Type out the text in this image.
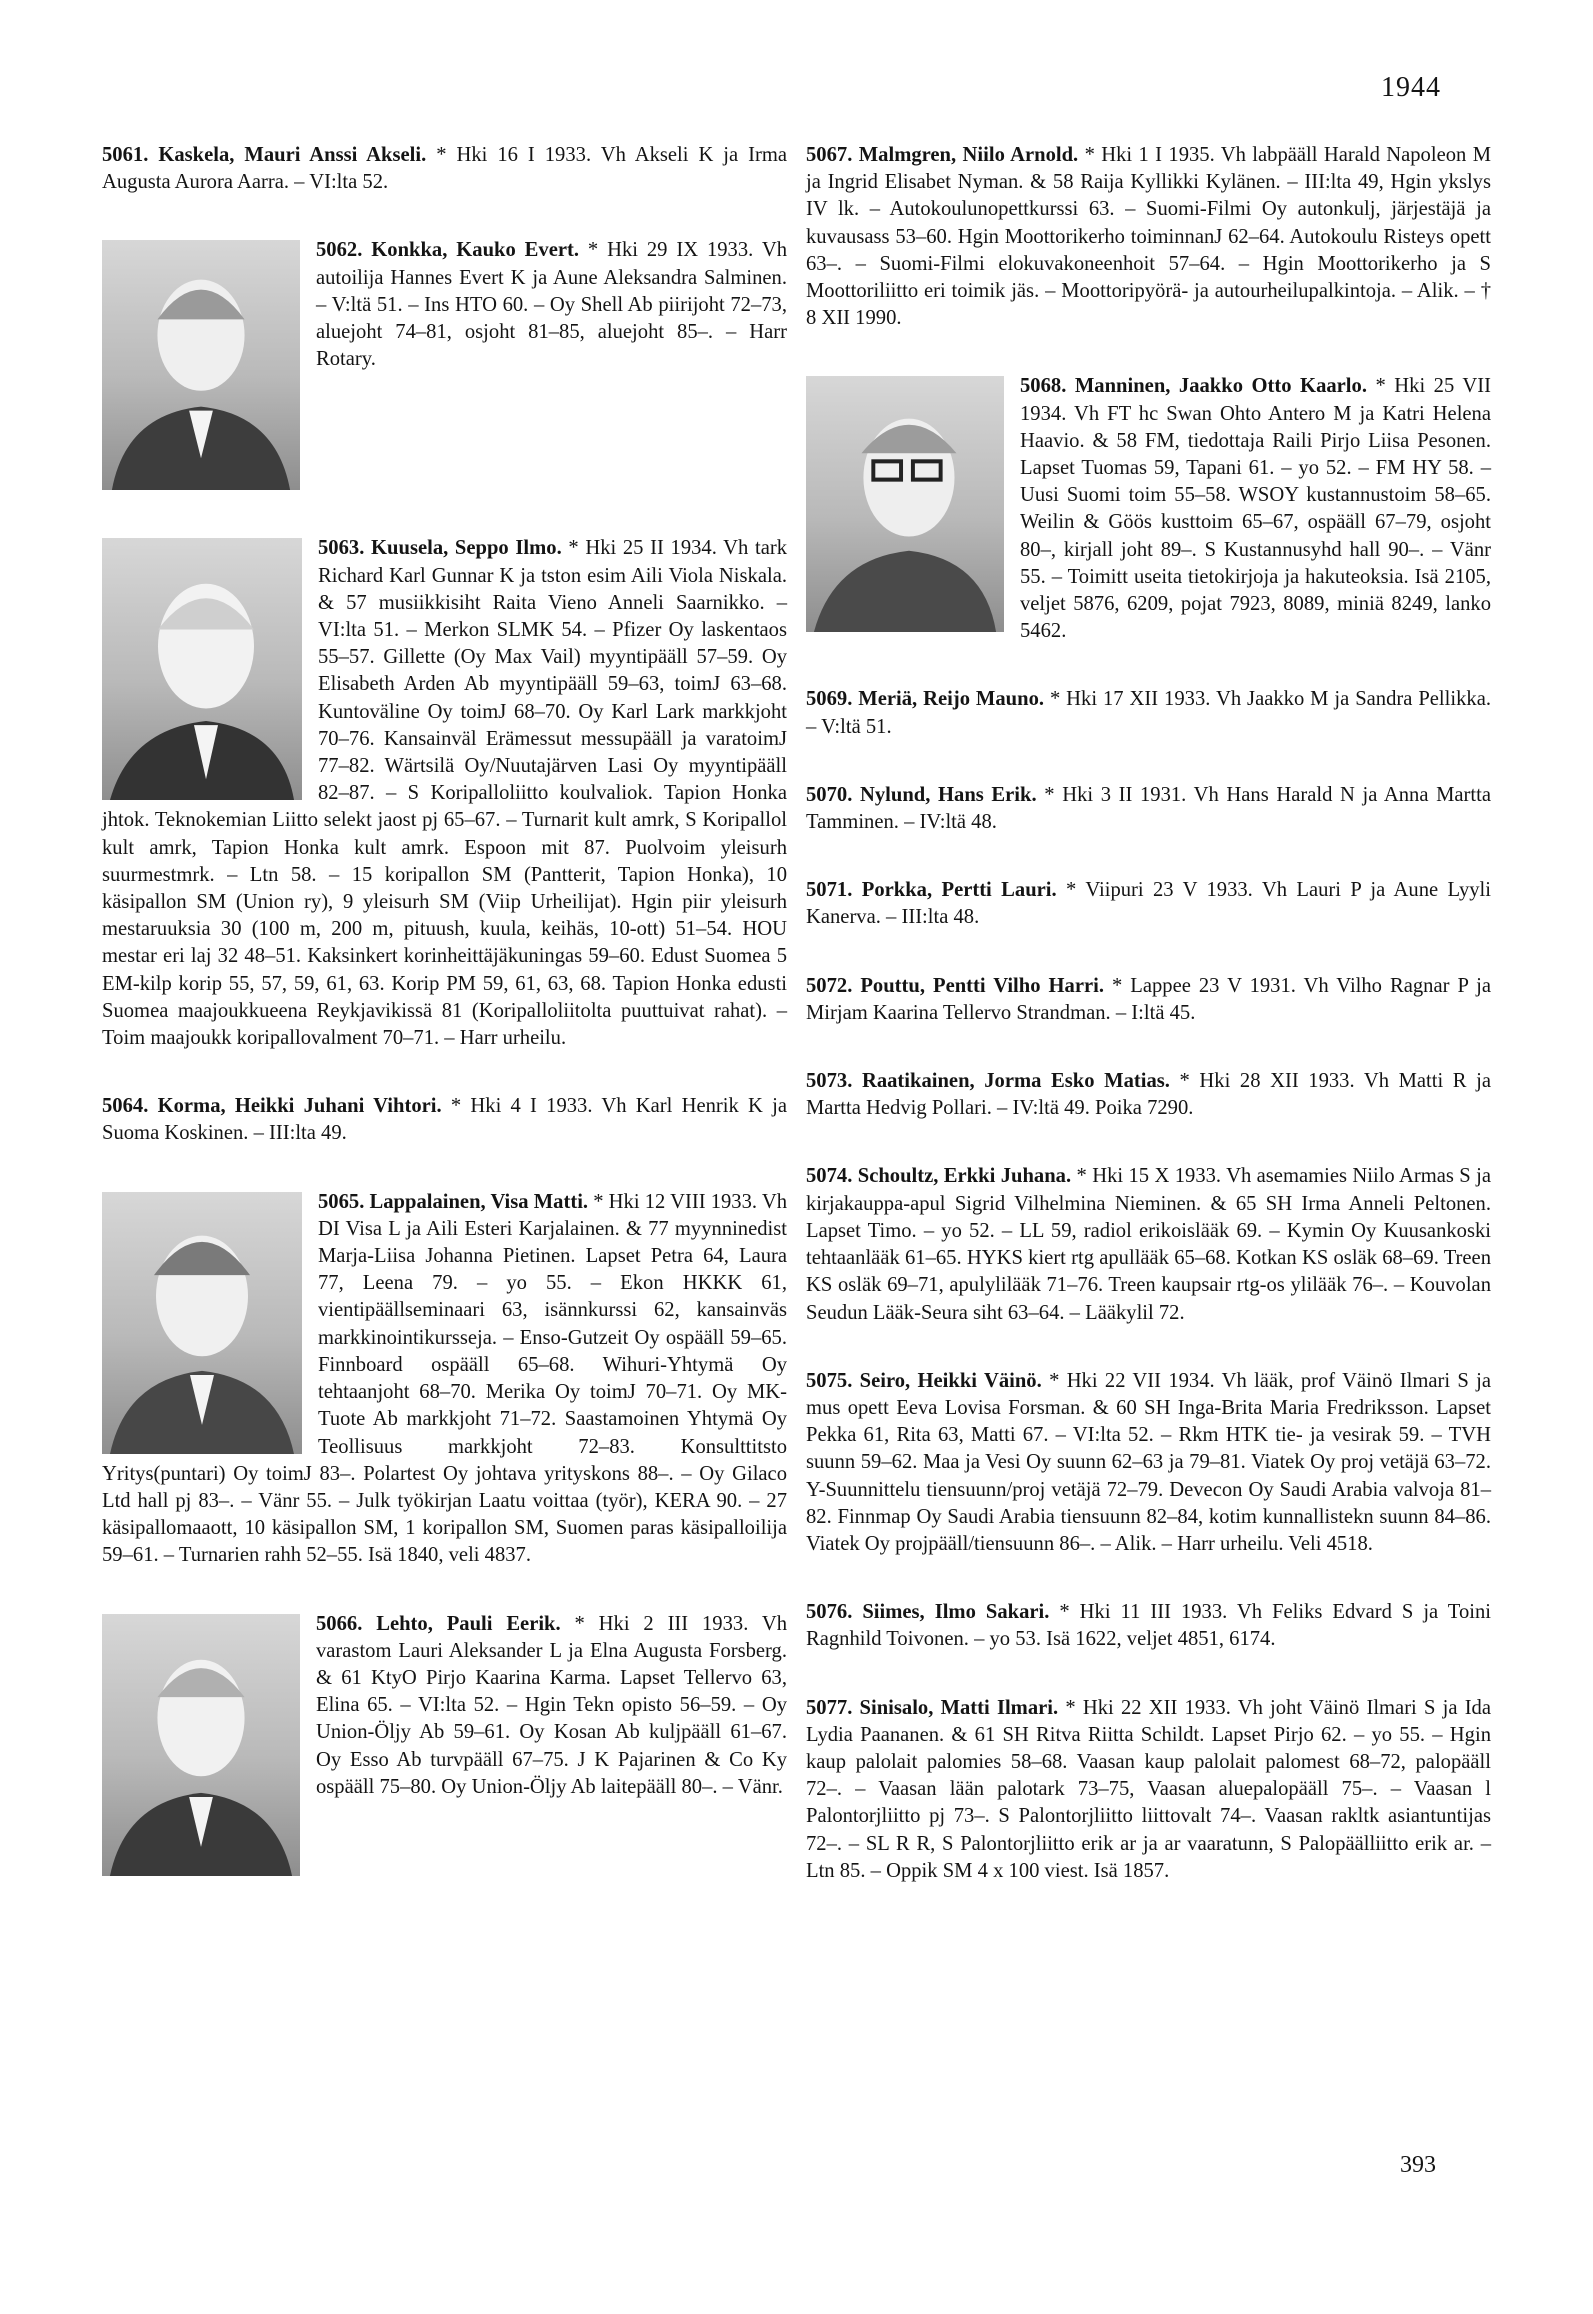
1944

5061. Kaskela, Mauri Anssi Akseli. * Hki 16 I 1933. Vh Akseli K ja Irma Augusta Aurora Aarra. – VI:lta 52.

5062. Konkka, Kauko Evert.
* Hki 29 IX 1933. Vh autoilija Hannes Evert K ja Aune Aleksandra Salminen. – V:ltä 51. – Ins HTO 60. – Oy Shell Ab piirijoht 72–73, aluejoht 74–81, osjoht 81–85, aluejoht 85–. – Harr Rotary.

5063. Kuusela, Seppo Ilmo.
* Hki 25 II 1934. Vh tark Richard Karl Gunnar K ja tston esim Aili Viola Niskala. & 57 musiikkisiht Raita Vieno Anneli Saarnikko. – VI:lta 51. – Merkon SLMK 54. – Pfizer Oy laskentaos 55–57. Gillette (Oy Max Vail) myyntipääll 57–59. Oy Elisabeth Arden Ab myyntipääll 59–63, toimJ 63–68. Kuntoväline Oy toimJ 68–70. Oy Karl Lark markkjoht 70–76. Kansainväl Erämessut messupääll ja varatoimJ 77–82. Wärtsilä Oy/Nuutajärven Lasi Oy myyntipääll 82–87. – S Koripalloliitto koulvaliok. Tapion Honka jhtok. Teknokemian Liitto selekt jaost pj 65–67. – Turnarit kult amrk, S Koripallol kult amrk, Tapion Honka kult amrk. Espoon mit 87. Puolvoim yleisurh suurmestmrk. – Ltn 58. – 15 koripallon SM (Pantterit, Tapion Honka), 10 käsipallon SM (Union ry), 9 yleisurh SM (Viip Urheilijat). Hgin piir yleisurh mestaruuksia 30 (100 m, 200 m, pituush, kuula, keihäs, 10-ott) 51–54. HOU mestar eri laj 32 48–51. Kaksinkert korinheittäjäkuningas 59–60. Edust Suomea 5 EM-kilp korip 55, 57, 59, 61, 63. Korip PM 59, 61, 63, 68. Tapion Honka edusti Suomea maajoukkueena Reykjavikissä 81 (Koripalloliitolta puuttuivat rahat). – Toim maajoukk koripallovalment 70–71. – Harr urheilu.

5064. Korma, Heikki Juhani Vihtori. * Hki 4 I 1933. Vh Karl Henrik K ja Suoma Koskinen. – III:lta 49.

5065. Lappalainen, Visa Matti.
* Hki 12 VIII 1933. Vh DI Visa L ja Aili Esteri Karjalainen. & 77 myynninedist Marja-Liisa Johanna Pietinen. Lapset Petra 64, Laura 77, Leena 79. – yo 55. – Ekon HKKK 61, vientipäällseminaari 63, isännkurssi 62, kansainväs markkinointikursseja. – Enso-Gutzeit Oy ospääll 59–65. Finnboard ospääll 65–68. Wihuri-Yhtymä Oy tehtaanjoht 68–70. Merika Oy toimJ 70–71. Oy MK-Tuote Ab markkjoht 71–72. Saastamoinen Yhtymä Oy Teollisuus markkjoht 72–83. Konsulttitsto Yritys(puntari) Oy toimJ 83–. Polartest Oy johtava yrityskons 88–. – Oy Gilaco Ltd hall pj 83–. – Vänr 55. – Julk työkirjan Laatu voittaa (työr), KERA 90. – 27 käsipallomaaott, 10 käsipallon SM, 1 koripallon SM, Suomen paras käsipalloilija 59–61. – Turnarien rahh 52–55. Isä 1840, veli 4837.

5066. Lehto, Pauli Eerik.
* Hki 2 III 1933. Vh varastom Lauri Aleksander L ja Elna Augusta Forsberg. & 61 KtyO Pirjo Kaarina Karma. Lapset Tellervo 63, Elina 65. – VI:lta 52. – Hgin Tekn opisto 56–59. – Oy Union-Öljy Ab 59–61. Oy Kosan Ab kuljpääll 61–67. Oy Esso Ab turvpääll 67–75. J K Pajarinen & Co Ky ospääll 75–80. Oy Union-Öljy Ab laitepääll 80–. – Vänr.

5067. Malmgren, Niilo Arnold. * Hki 1 I 1935. Vh labpääll Harald Napoleon M ja Ingrid Elisabet Nyman. & 58 Raija Kyllikki Kylänen. – III:lta 49, Hgin ykslys IV lk. – Autokoulunopettkurssi 63. – Suomi-Filmi Oy autonkulj, järjestäjä ja kuvausass 53–60. Hgin Moottorikerho toiminnanJ 62–64. Autokoulu Risteys opett 63–. – Suomi-Filmi elokuvakoneenhoit 57–64. – Hgin Moottorikerho ja S Moottoriliitto eri toimik jäs. – Moottoripyörä- ja autourheilupalkintoja. – Alik. – † 8 XII 1990.

5068. Manninen, Jaakko Otto Kaarlo.
* Hki 25 VII 1934. Vh FT hc Swan Ohto Antero M ja Katri Helena Haavio. & 58 FM, tiedottaja Raili Pirjo Liisa Pesonen. Lapset Tuomas 59, Tapani 61. – yo 52. – FM HY 58. – Uusi Suomi toim 55–58. WSOY kustannustoim 58–65. Weilin & Göös kusttoim 65–67, ospääll 67–79, osjoht 80–, kirjall joht 89–. S Kustannusyhd hall 90–. – Vänr 55. – Toimitt useita tietokirjoja ja hakuteoksia. Isä 2105, veljet 5876, 6209, pojat 7923, 8089, miniä 8249, lanko 5462.

5069. Meriä, Reijo Mauno. * Hki 17 XII 1933. Vh Jaakko M ja Sandra Pellikka. – V:ltä 51.

5070. Nylund, Hans Erik. * Hki 3 II 1931. Vh Hans Harald N ja Anna Martta Tamminen. – IV:ltä 48.

5071. Porkka, Pertti Lauri. * Viipuri 23 V 1933. Vh Lauri P ja Aune Lyyli Kanerva. – III:lta 48.

5072. Pouttu, Pentti Vilho Harri. * Lappee 23 V 1931. Vh Vilho Ragnar P ja Mirjam Kaarina Tellervo Strandman. – I:ltä 45.

5073. Raatikainen, Jorma Esko Matias. * Hki 28 XII 1933. Vh Matti R ja Martta Hedvig Pollari. – IV:ltä 49. Poika 7290.

5074. Schoultz, Erkki Juhana. * Hki 15 X 1933. Vh asemamies Niilo Armas S ja kirjakauppa-apul Sigrid Vilhelmina Nieminen. & 65 SH Irma Anneli Peltonen. Lapset Timo. – yo 52. – LL 59, radiol erikoislääk 69. – Kymin Oy Kuusankoski tehtaanlääk 61–65. HYKS kiert rtg apullääk 65–68. Kotkan KS osläk 68–69. Treen KS osläk 69–71, apulylilääk 71–76. Treen kaupsair rtg-os ylilääk 76–. – Kouvolan Seudun Lääk-Seura siht 63–64. – Lääkylil 72.

5075. Seiro, Heikki Väinö. * Hki 22 VII 1934. Vh lääk, prof Väinö Ilmari S ja mus opett Eeva Lovisa Forsman. & 60 SH Inga-Brita Maria Fredriksson. Lapset Pekka 61, Rita 63, Matti 67. – VI:lta 52. – Rkm HTK tie- ja vesirak 59. – TVH suunn 59–62. Maa ja Vesi Oy suunn 62–63 ja 79–81. Viatek Oy proj vetäjä 63–72. Y-Suunnittelu tiensuunn/proj vetäjä 72–79. Devecon Oy Saudi Arabia valvoja 81–82. Finnmap Oy Saudi Arabia tiensuunn 82–84, kotim kunnallistekn suunn 84–86. Viatek Oy projpääll/tiensuunn 86–. – Alik. – Harr urheilu. Veli 4518.

5076. Siimes, Ilmo Sakari. * Hki 11 III 1933. Vh Feliks Edvard S ja Toini Ragnhild Toivonen. – yo 53. Isä 1622, veljet 4851, 6174.

5077. Sinisalo, Matti Ilmari. * Hki 22 XII 1933. Vh joht Väinö Ilmari S ja Ida Lydia Paananen. & 61 SH Ritva Riitta Schildt. Lapset Pirjo 62. – yo 55. – Hgin kaup palolait palomies 58–68. Vaasan kaup palolait palomest 68–72, palopääll 72–. – Vaasan lään palotark 73–75, Vaasan aluepalopääll 75–. – Vaasan l Palontorjliitto pj 73–. S Palontorjliitto liittovalt 74–. Vaasan rakltk asiantuntijas 72–. – SL R R, S Palontorjliitto erik ar ja ar vaaratunn, S Palopäälliitto erik ar. – Ltn 85. – Oppik SM 4 x 100 viest. Isä 1857.

393
